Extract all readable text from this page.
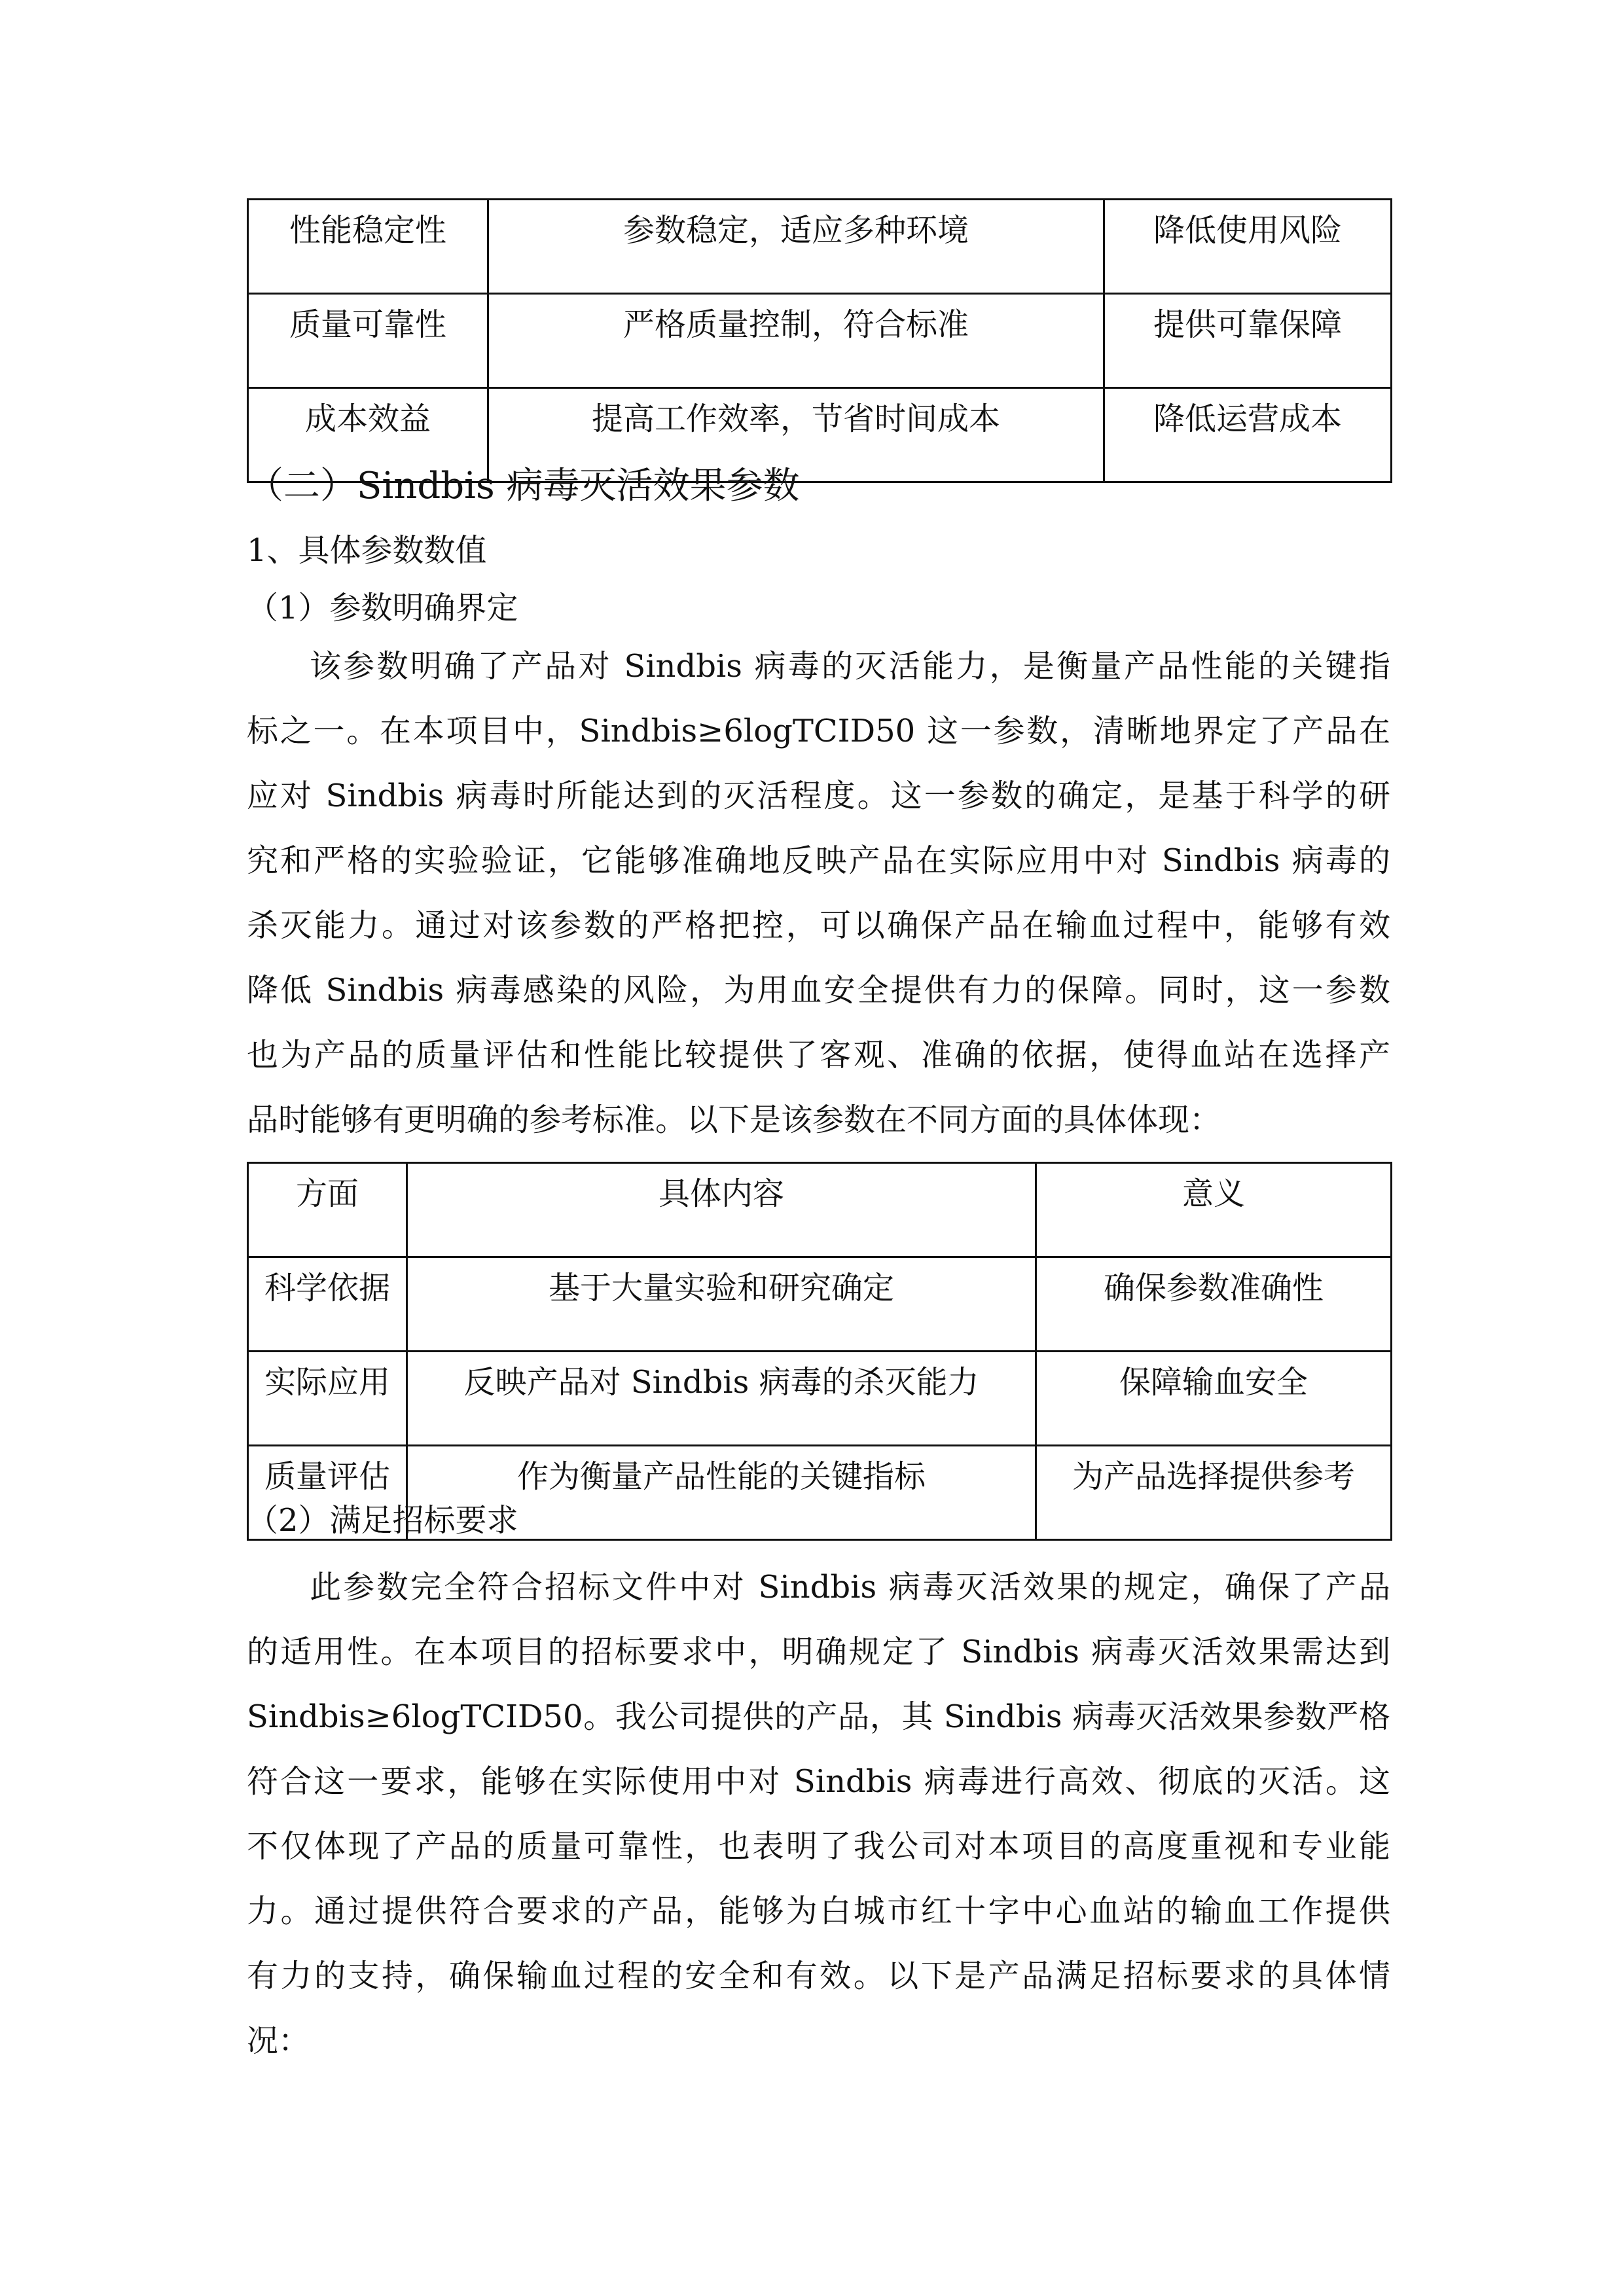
性能稳定性	参数稳定，适应多种环境	降低使用风险
质量可靠性	严格质量控制，符合标准	提供可靠保障
成本效益	提高工作效率，节省时间成本	降低运营成本
（二）Sindbis 病毒灭活效果参数
1、具体参数数值
（1）参数明确界定
该参数明确了产品对 Sindbis 病毒的灭活能力，是衡量产品性能的关键指
标之一。在本项目中，Sindbis≥6logTCID50 这一参数，清晰地界定了产品在
应对 Sindbis 病毒时所能达到的灭活程度。这一参数的确定，是基于科学的研
究和严格的实验验证，它能够准确地反映产品在实际应用中对 Sindbis 病毒的
杀灭能力。通过对该参数的严格把控，可以确保产品在输血过程中，能够有效
降低 Sindbis 病毒感染的风险，为用血安全提供有力的保障。同时，这一参数
也为产品的质量评估和性能比较提供了客观、准确的依据，使得血站在选择产
品时能够有更明确的参考标准。以下是该参数在不同方面的具体体现：
方面	具体内容	意义
科学依据	基于大量实验和研究确定	确保参数准确性
实际应用	反映产品对 Sindbis 病毒的杀灭能力	保障输血安全
质量评估	作为衡量产品性能的关键指标	为产品选择提供参考
（2）满足招标要求
此参数完全符合招标文件中对 Sindbis 病毒灭活效果的规定，确保了产品
的适用性。在本项目的招标要求中，明确规定了 Sindbis 病毒灭活效果需达到
Sindbis≥6logTCID50。我公司提供的产品，其 Sindbis 病毒灭活效果参数严格
符合这一要求，能够在实际使用中对 Sindbis 病毒进行高效、彻底的灭活。这
不仅体现了产品的质量可靠性，也表明了我公司对本项目的高度重视和专业能
力。通过提供符合要求的产品，能够为白城市红十字中心血站的输血工作提供
有力的支持，确保输血过程的安全和有效。以下是产品满足招标要求的具体情
况：
